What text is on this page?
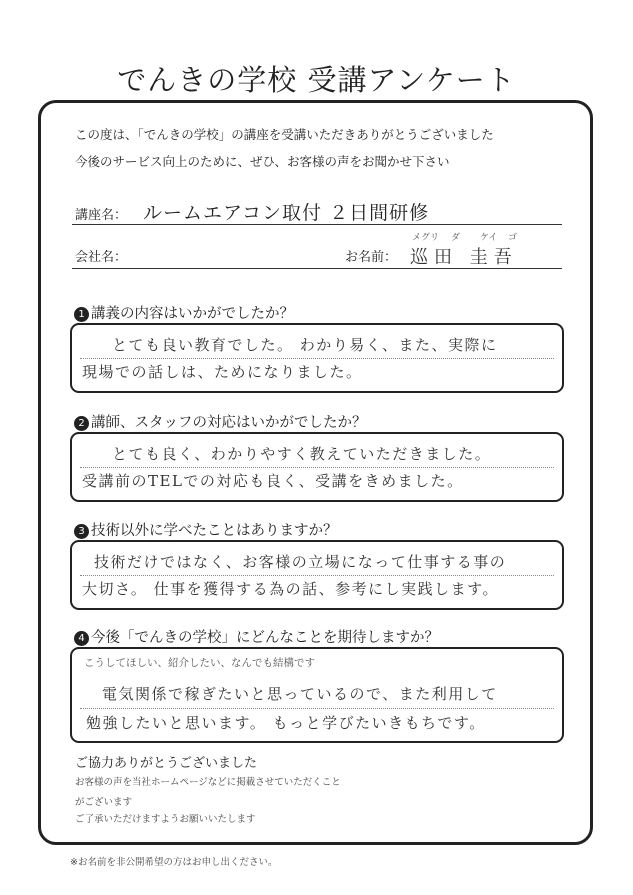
でんきの学校 受講アンケート
この度は、「でんきの学校」の講座を受講いただきありがとうございました
今後のサービス向上のために、ぜひ、お客様の声をお聞かせ下さい
講座名： ルームエアコン取付 ２日間研修
会社名：	お名前：
メグリ ダ ケイ ゴ
巡田 圭吾
1 講義の内容はいかがでしたか？
とても良い教育でした。 わかり易く、また、実際に
現場での話しは、ためになりました。
2 講師、スタッフの対応はいかがでしたか？
とても良く、わかりやすく教えていただきました。
受講前のTELでの対応も良く、受講をきめました。
3 技術以外に学べたことはありますか？
技術だけではなく、お客様の立場になって仕事する事の
大切さ。 仕事を獲得する為の話、参考にし実践します。
4 今後「でんきの学校」にどんなことを期待しますか？
こうしてほしい、紹介したい、なんでも結構です
電気関係で稼ぎたいと思っているので、また利用して
勉強したいと思います。 もっと学びたいきもちです。
ご協力ありがとうございました
お客様の声を当社ホームページなどに掲載させていただくこと
がございます
ご了承いただけますようお願いいたします
※お名前を非公開希望の方はお申し出ください。
